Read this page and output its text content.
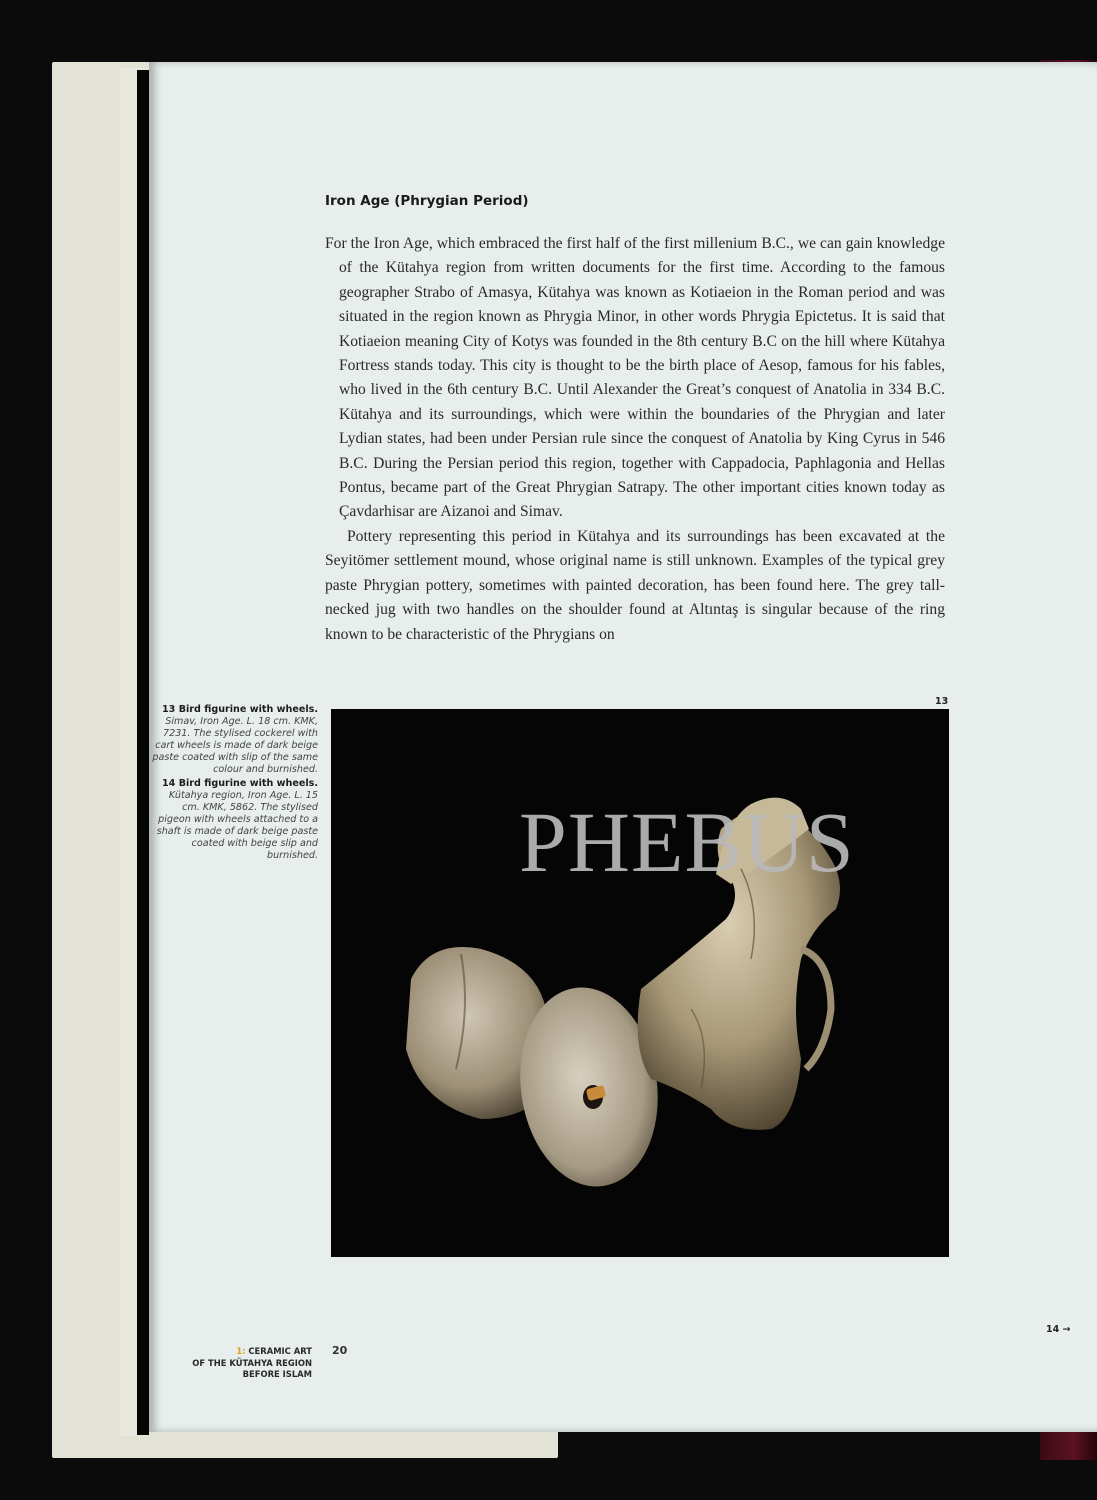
Iron Age (Phrygian Period)

For the Iron Age, which embraced the first half of the first millenium B.C., we can gain knowledge of the Kütahya region from written documents for the first time. According to the famous geographer Strabo of Amasya, Kütahya was known as Kotiaeion in the Roman period and was situated in the region known as Phrygia Minor, in other words Phrygia Epictetus. It is said that Kotiaeion meaning City of Kotys was founded in the 8th century B.C on the hill where Kütahya Fortress stands today. This city is thought to be the birth place of Aesop, famous for his fables, who lived in the 6th century B.C. Until Alexander the Great’s conquest of Anatolia in 334 B.C. Kütahya and its surroundings, which were within the boundaries of the Phrygian and later Lydian states, had been under Persian rule since the conquest of Anatolia by King Cyrus in 546 B.C. During the Persian period this region, together with Cappadocia, Paphlagonia and Hellas Pontus, became part of the Great Phrygian Satrapy. The other important cities known today as Çavdarhisar are Aizanoi and Simav.

Pottery representing this period in Kütahya and its surroundings has been excavated at the Seyitömer settlement mound, whose original name is still unknown. Examples of the typical grey paste Phrygian pottery, sometimes with painted decoration, has been found here. The grey tall-necked jug with two handles on the shoulder found at Altıntaş is singular because of the ring known to be characteristic of the Phrygians on

13 Bird figurine with wheels. Simav, Iron Age. L. 18 cm. KMK, 7231. The stylised cockerel with cart wheels is made of dark beige paste coated with slip of the same colour and burnished.
14 Bird figurine with wheels. Kütahya region, Iron Age. L. 15 cm. KMK, 5862. The stylised pigeon with wheels attached to a shaft is made of dark beige paste coated with beige slip and burnished.
13
PHEBUS
1: CERAMIC ART
OF THE KÜTAHYA REGION
BEFORE ISLAM
20
14 →
